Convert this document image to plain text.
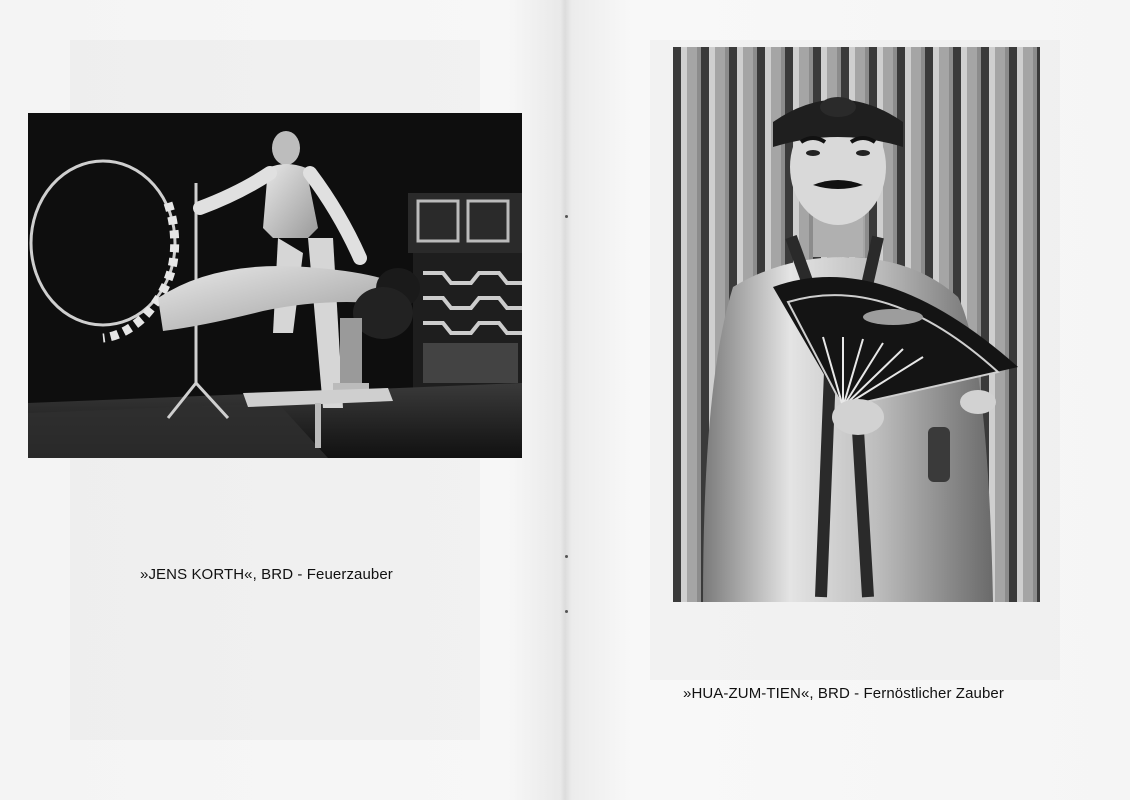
»JENS KORTH«, BRD - Feuerzauber
»HUA-ZUM-TIEN«, BRD - Fernöstlicher Zauber
